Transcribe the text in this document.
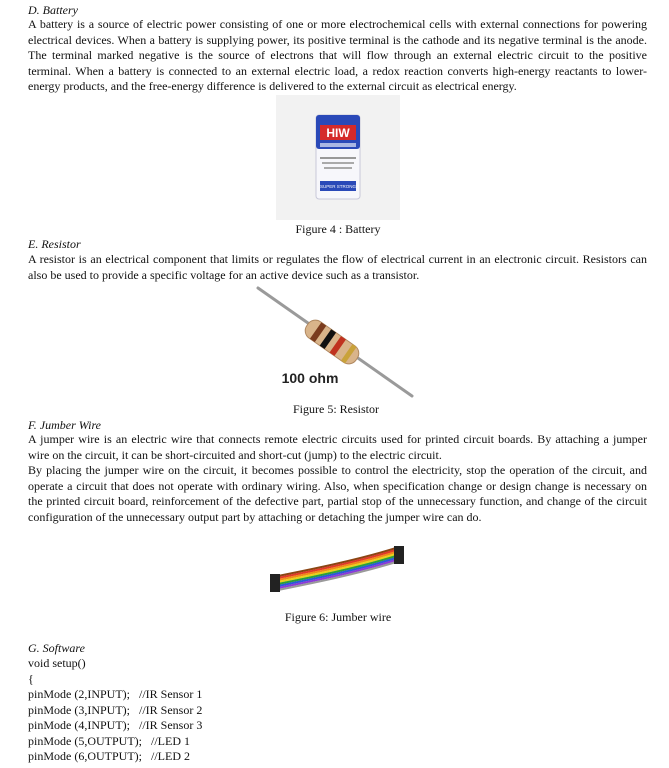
D. Battery

A battery is a source of electric power consisting of one or more electrochemical cells with external connections for powering electrical devices. When a battery is supplying power, its positive terminal is the cathode and its negative terminal is the anode. The terminal marked negative is the source of electrons that will flow through an external electric circuit to the positive terminal. When a battery is connected to an external electric load, a redox reaction converts high-energy reactants to lower-energy products, and the free-energy difference is delivered to the external circuit as electrical energy.

HIW
SUPER STRONG
Figure 4 : Battery
E. Resistor

A resistor is an electrical component that limits or regulates the flow of electrical current in an electronic circuit. Resistors can also be used to provide a specific voltage for an active device such as a transistor.

100 ohm
Figure 5: Resistor
F. Jumber Wire

A jumper wire is an electric wire that connects remote electric circuits used for printed circuit boards. By attaching a jumper wire on the circuit, it can be short-circuited and short-cut (jump) to the electric circuit.

By placing the jumper wire on the circuit, it becomes possible to control the electricity, stop the operation of the circuit, and operate a circuit that does not operate with ordinary wiring. Also, when specification change or design change is necessary on the printed circuit board, reinforcement of the defective part, partial stop of the unnecessary function, and change of the circuit configuration of the unnecessary output part by attaching or detaching the jumper wire can do.

Figure 6: Jumber wire
G. Software
void setup()
{
pinMode (2,INPUT);   //IR Sensor 1
pinMode (3,INPUT);   //IR Sensor 2
pinMode (4,INPUT);   //IR Sensor 3
pinMode (5,OUTPUT);   //LED 1
pinMode (6,OUTPUT);   //LED 2
